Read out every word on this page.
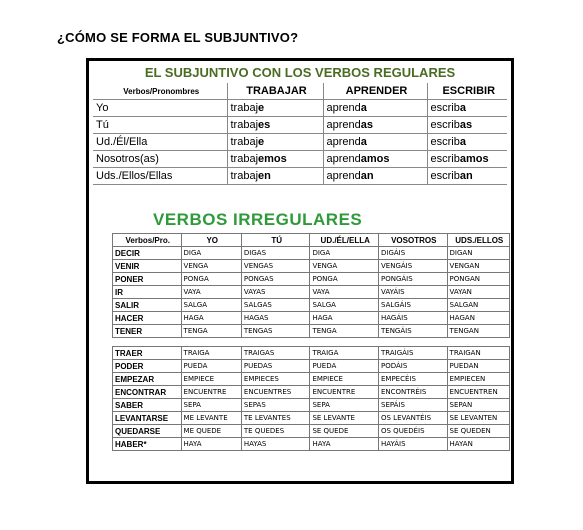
¿CÓMO SE FORMA EL SUBJUNTIVO?
EL SUBJUNTIVO CON LOS VERBOS REGULARES
Verbos/Pronombres	TRABAJAR	APRENDER	ESCRIBIR
Yo	trabaje	aprenda	escriba
Tú	trabajes	aprendas	escribas
Ud./Él/Ella	trabaje	aprenda	escriba
Nosotros(as)	trabajemos	aprendamos	escribamos
Uds./Ellos/Ellas	trabajen	aprendan	escriban
VERBOS IRREGULARES
Verbos/Pro.	YO	TÚ	UD./ÉL/ELLA	VOSOTROS	UDS./ELLOS
DECIR	DIGA	DIGAS	DIGA	DIGÁIS	DIGAN
VENIR	VENGA	VENGAS	VENGA	VENGÁIS	VENGAN
PONER	PONGA	PONGAS	PONGA	PONGÁIS	PONGAN
IR	VAYA	VAYAS	VAYA	VAYÁIS	VAYAN
SALIR	SALGA	SALGAS	SALGA	SALGÁIS	SALGAN
HACER	HAGA	HAGAS	HAGA	HAGÁIS	HAGAN
TENER	TENGA	TENGAS	TENGA	TENGÁIS	TENGAN

TRAER	TRAIGA	TRAIGAS	TRAIGA	TRAIGÁIS	TRAIGAN
PODER	PUEDA	PUEDAS	PUEDA	PODÁIS	PUEDAN
EMPEZAR	EMPIECE	EMPIECES	EMPIECE	EMPECÉIS	EMPIECEN
ENCONTRAR	ENCUENTRE	ENCUENTRES	ENCUENTRE	ENCONTRÉIS	ENCUENTREN
SABER	SEPA	SEPAS	SEPA	SEPÁIS	SEPAN
LEVANTARSE	ME LEVANTE	TE LEVANTES	SE LEVANTE	OS LEVANTÉIS	SE LEVANTEN
QUEDARSE	ME QUEDE	TE QUEDES	SE QUEDE	OS QUEDÉIS	SE QUEDEN
HABER*	HAYA	HAYAS	HAYA	HAYÁIS	HAYAN
